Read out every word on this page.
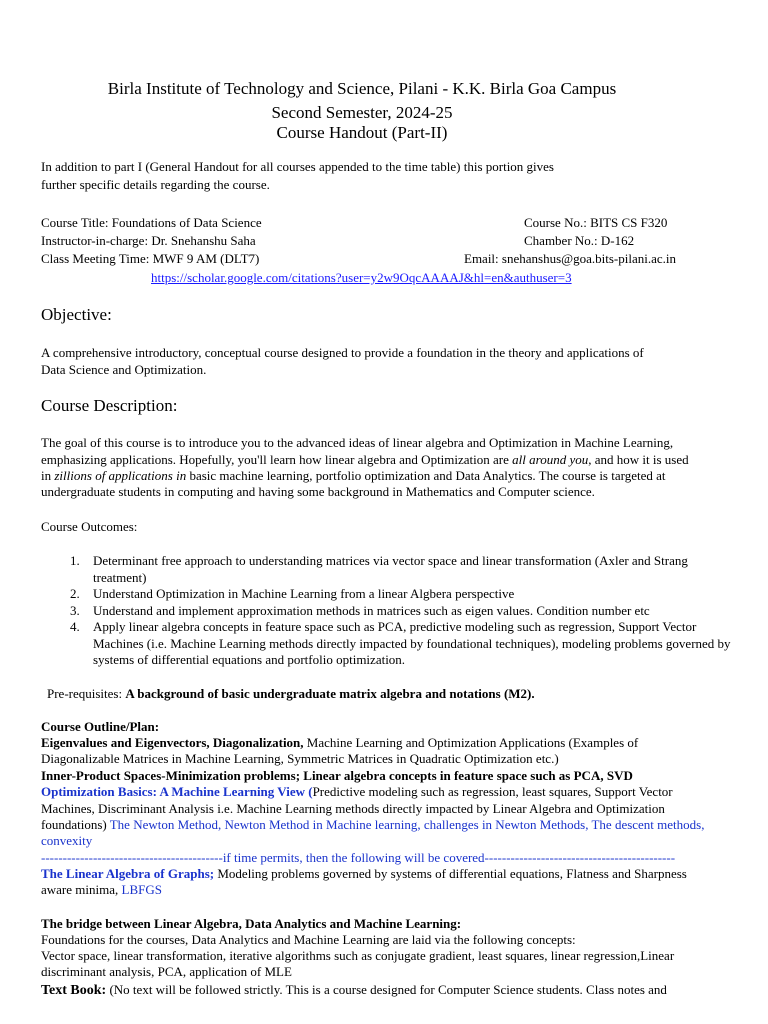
Birla Institute of Technology and Science, Pilani - K.K. Birla Goa Campus
Second Semester, 2024-25
Course Handout (Part-II)
In addition to part I (General Handout for all courses appended to the time table) this portion gives
further specific details regarding the course.
Course Title: Foundations of Data Science	Course No.: BITS CS F320
Instructor-in-charge: Dr. Snehanshu Saha	Chamber No.: D-162
Class Meeting Time: MWF 9 AM (DLT7)	Email: snehanshus@goa.bits-pilani.ac.in
https://scholar.google.com/citations?user=y2w9OqcAAAAJ&hl=en&authuser=3
Objective:
A comprehensive introductory, conceptual course designed to provide a foundation in the theory and applications of
Data Science and Optimization.
Course Description:
The goal of this course is to introduce you to the advanced ideas of linear algebra and Optimization in Machine Learning,
emphasizing applications. Hopefully, you'll learn how linear algebra and Optimization are all around you, and how it is used
in zillions of applications in basic machine learning, portfolio optimization and Data Analytics. The course is targeted at
undergraduate students in computing and having some background in Mathematics and Computer science.
Course Outcomes:
1. Determinant free approach to understanding matrices via vector space and linear transformation (Axler and Strang treatment)
2. Understand Optimization in Machine Learning from a linear Algbera perspective
3. Understand and implement approximation methods in matrices such as eigen values. Condition number etc
4. Apply linear algebra concepts in feature space such as PCA, predictive modeling such as regression, Support Vector Machines (i.e. Machine Learning methods directly impacted by foundational techniques), modeling problems governed by systems of differential equations and portfolio optimization.
Pre-requisites: A background of basic undergraduate matrix algebra and notations (M2).
Course Outline/Plan:
Eigenvalues and Eigenvectors, Diagonalization, Machine Learning and Optimization Applications (Examples of
Diagonalizable Matrices in Machine Learning, Symmetric Matrices in Quadratic Optimization etc.)
Inner-Product Spaces-Minimization problems; Linear algebra concepts in feature space such as PCA, SVD
Optimization Basics: A Machine Learning View (Predictive modeling such as regression, least squares, Support Vector
Machines, Discriminant Analysis i.e. Machine Learning methods directly impacted by Linear Algebra and Optimization
foundations) The Newton Method, Newton Method in Machine learning, challenges in Newton Methods, The descent methods,
convexity
------------------------------------------if time permits, then the following will be covered--------------------------------------------
The Linear Algebra of Graphs; Modeling problems governed by systems of differential equations, Flatness and Sharpness
aware minima, LBFGS
The bridge between Linear Algebra, Data Analytics and Machine Learning:
Foundations for the courses, Data Analytics and Machine Learning are laid via the following concepts:
Vector space, linear transformation, iterative algorithms such as conjugate gradient, least squares, linear regression,Linear
discriminant analysis, PCA, application of MLE
Text Book: (No text will be followed strictly. This is a course designed for Computer Science students. Class notes and
